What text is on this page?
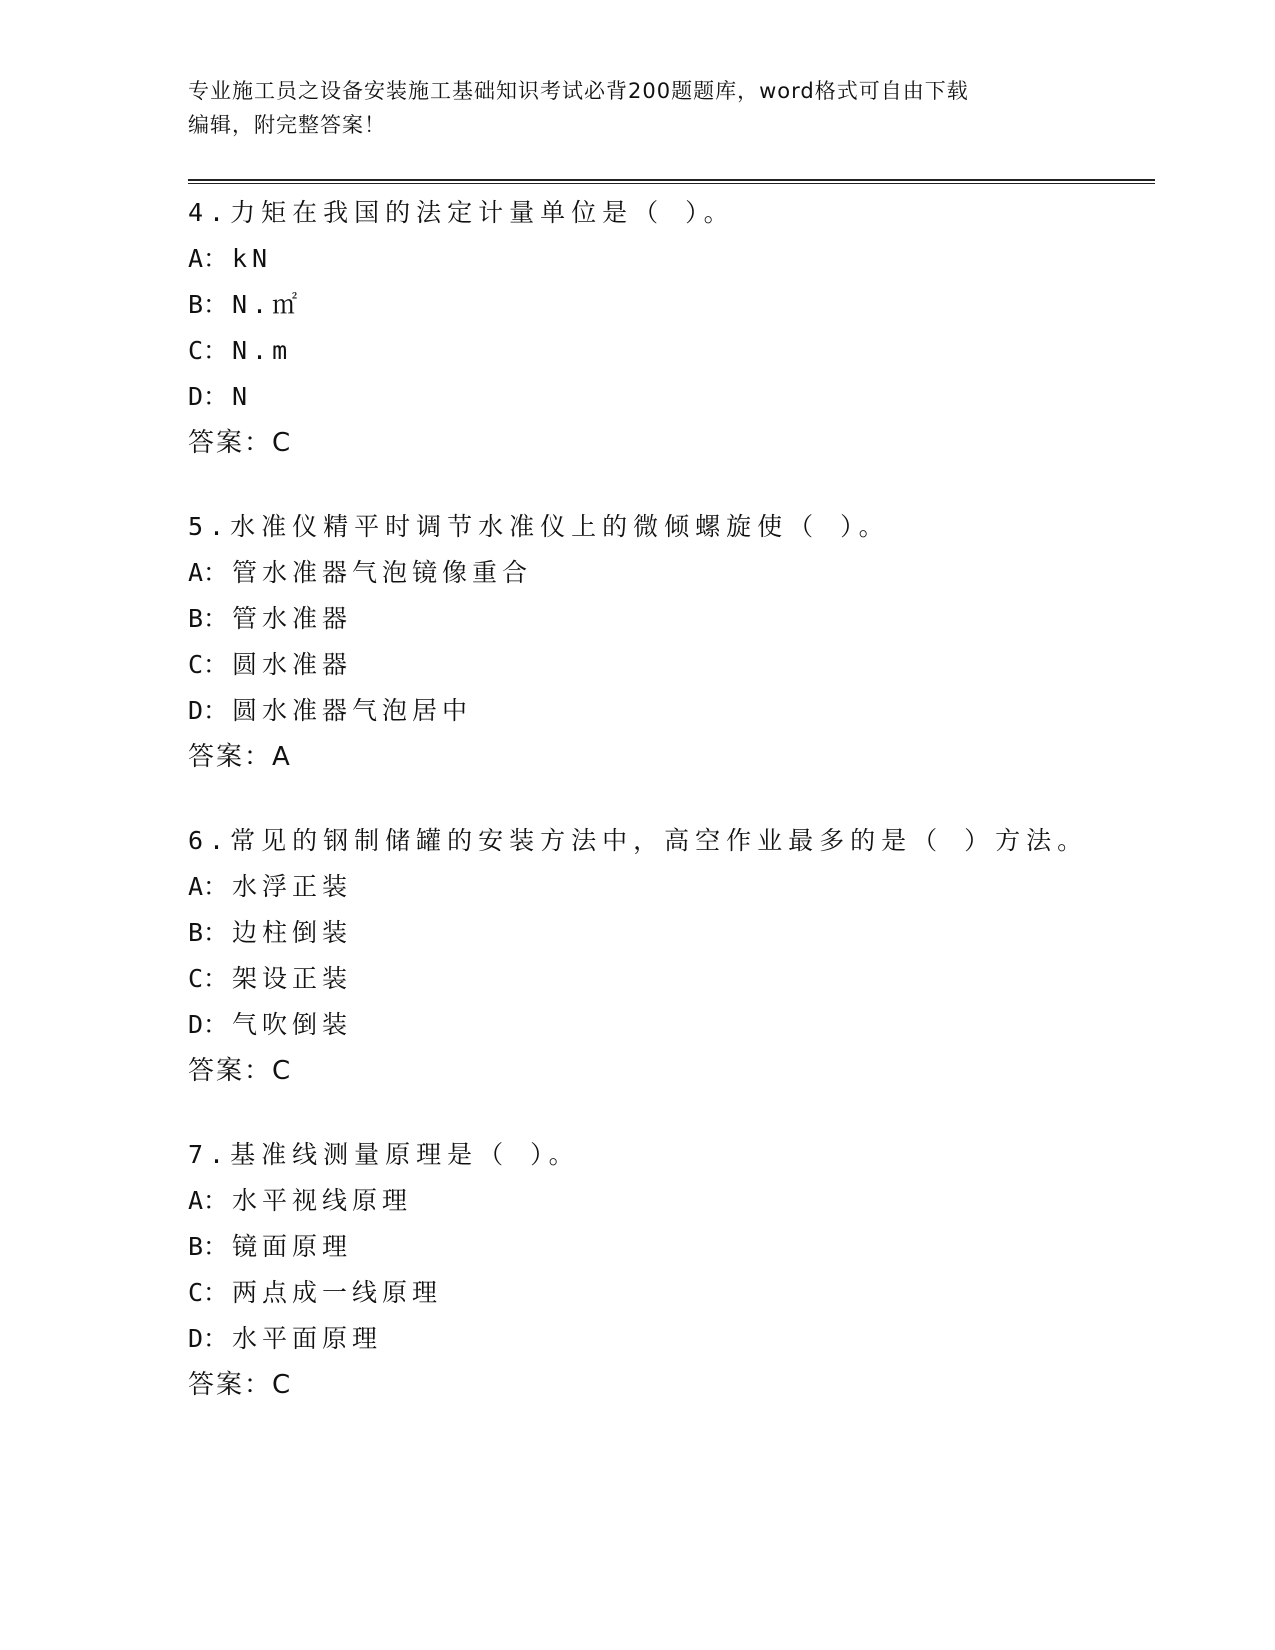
专业施工员之设备安装施工基础知识考试必背200题题库，word格式可自由下载
编辑，附完整答案！
4.力矩在我国的法定计量单位是（ ）。
A： kN
B： N.㎡
C： N.m
D： N
答案：C
5.水准仪精平时调节水准仪上的微倾螺旋使（ ）。
A： 管水准器气泡镜像重合
B： 管水准器
C： 圆水准器
D： 圆水准器气泡居中
答案：A
6.常见的钢制储罐的安装方法中，高空作业最多的是（ ）方法。
A： 水浮正装
B： 边柱倒装
C： 架设正装
D： 气吹倒装
答案：C
7.基准线测量原理是（ ）。
A： 水平视线原理
B： 镜面原理
C： 两点成一线原理
D： 水平面原理
答案：C
